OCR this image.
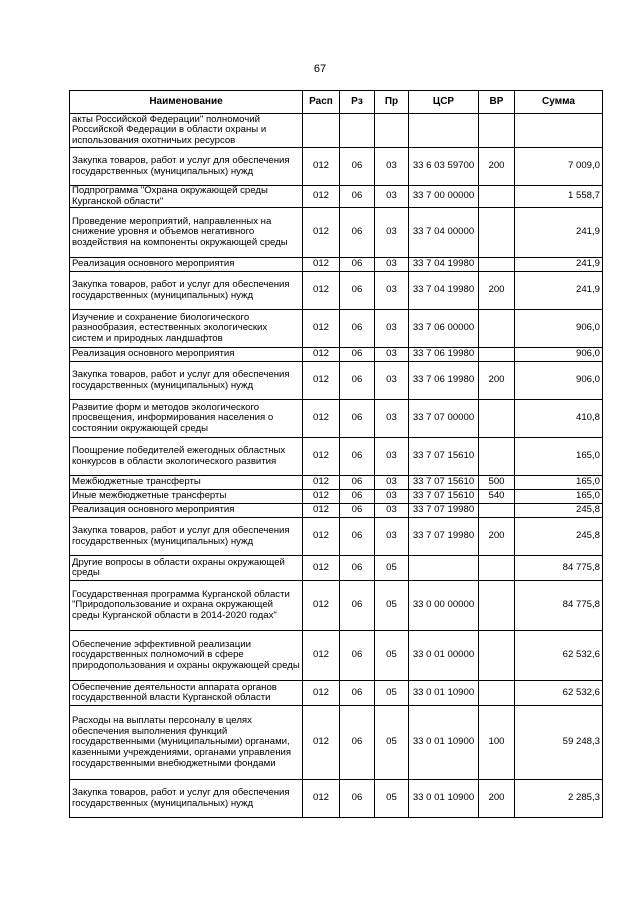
67
Наименование	Расп	Рз	Пр	ЦСР	ВР	Сумма
акты Российской Федерации" полномочий Российской Федерации в области охраны и использования охотничьих ресурсов						
Закупка товаров, работ и услуг для обеспечения государственных (муниципальных) нужд	012	06	03	33 6 03 59700	200	7 009,0
Подпрограмма "Охрана окружающей среды Курганской области"	012	06	03	33 7 00 00000		1 558,7
Проведение мероприятий, направленных на снижение уровня и объемов негативного воздействия на компоненты окружающей среды	012	06	03	33 7 04 00000		241,9
Реализация основного мероприятия	012	06	03	33 7 04 19980		241,9
Закупка товаров, работ и услуг для обеспечения государственных (муниципальных) нужд	012	06	03	33 7 04 19980	200	241,9
Изучение и сохранение биологического разнообразия, естественных экологических систем и природных ландшафтов	012	06	03	33 7 06 00000		906,0
Реализация основного мероприятия	012	06	03	33 7 06 19980		906,0
Закупка товаров, работ и услуг для обеспечения государственных (муниципальных) нужд	012	06	03	33 7 06 19980	200	906,0
Развитие форм и методов экологического просвещения, информирования населения о состоянии окружающей среды	012	06	03	33 7 07 00000		410,8
Поощрение победителей ежегодных областных конкурсов в области экологического развития	012	06	03	33 7 07 15610		165,0
Межбюджетные трансферты	012	06	03	33 7 07 15610	500	165,0
Иные межбюджетные трансферты	012	06	03	33 7 07 15610	540	165,0
Реализация основного мероприятия	012	06	03	33 7 07 19980		245,8
Закупка товаров, работ и услуг для обеспечения государственных (муниципальных) нужд	012	06	03	33 7 07 19980	200	245,8
Другие вопросы в области охраны окружающей среды	012	06	05			84 775,8
Государственная программа Курганской области "Природопользование и охрана окружающей среды Курганской области в 2014-2020 годах"	012	06	05	33 0 00 00000		84 775,8
Обеспечение эффективной реализации государственных полномочий в сфере природопользования и охраны окружающей среды	012	06	05	33 0 01 00000		62 532,6
Обеспечение деятельности аппарата органов государственной власти Курганской области	012	06	05	33 0 01 10900		62 532,6
Расходы на выплаты персоналу в целях обеспечения выполнения функций государственными (муниципальными) органами, казенными учреждениями, органами управления государственными внебюджетными фондами	012	06	05	33 0 01 10900	100	59 248,3
Закупка товаров, работ и услуг для обеспечения государственных (муниципальных) нужд	012	06	05	33 0 01 10900	200	2 285,3
